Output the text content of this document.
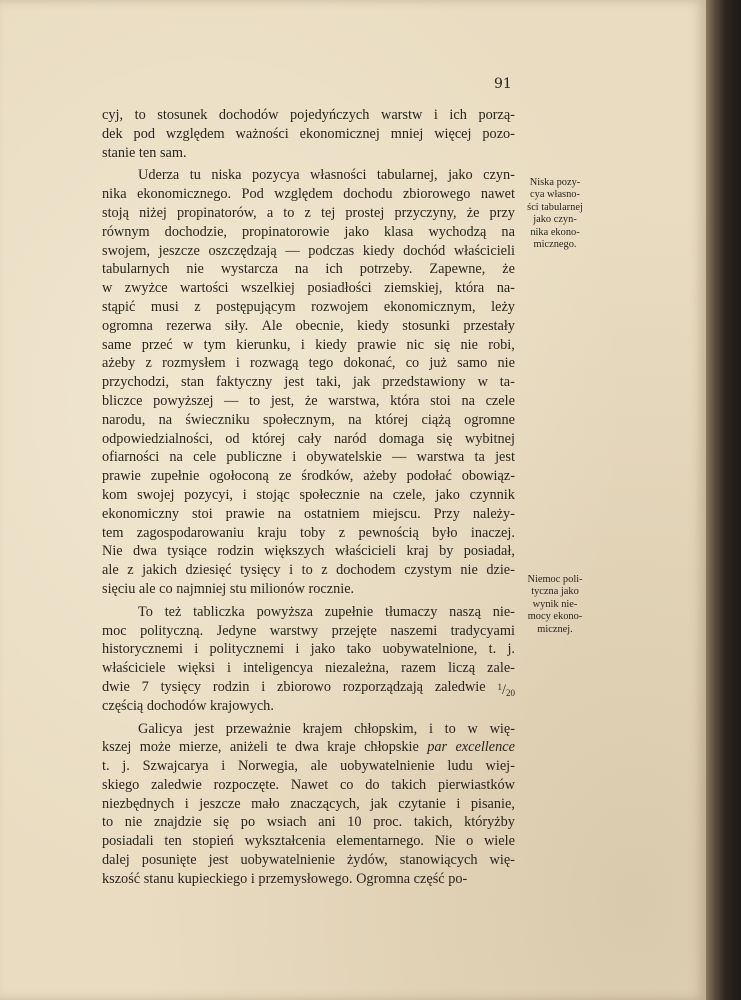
91
cyj, to stosunek dochodów pojedyńczych warstw i ich porzą-
dek pod względem ważności ekonomicznej mniej więcej pozo-
stanie ten sam.
Uderza tu niska pozycya własności tabularnej, jako czyn-
nika ekonomicznego. Pod względem dochodu zbiorowego nawet
stoją niżej propinatorów, a to z tej prostej przyczyny, że przy
równym dochodzie, propinatorowie jako klasa wychodzą na
swojem, jeszcze oszczędzają — podczas kiedy dochód właścicieli
tabularnych nie wystarcza na ich potrzeby. Zapewne, że
w zwyżce wartości wszelkiej posiadłości ziemskiej, która na-
stąpić musi z postępującym rozwojem ekonomicznym, leży
ogromna rezerwa siły. Ale obecnie, kiedy stosunki przestały
same przeć w tym kierunku, i kiedy prawie nic się nie robi,
ażeby z rozmysłem i rozwagą tego dokonać, co już samo nie
przychodzi, stan faktyczny jest taki, jak przedstawiony w ta-
bliczce powyższej — to jest, że warstwa, która stoi na czele
narodu, na świeczniku społecznym, na której ciążą ogromne
odpowiedzialności, od której cały naród domaga się wybitnej
ofiarności na cele publiczne i obywatelskie — warstwa ta jest
prawie zupełnie ogołoconą ze środków, ażeby podołać obowiąz-
kom swojej pozycyi, i stojąc społecznie na czele, jako czynnik
ekonomiczny stoi prawie na ostatniem miejscu. Przy należy-
tem zagospodarowaniu kraju toby z pewnością było inaczej.
Nie dwa tysiące rodzin większych właścicieli kraj by posiadał,
ale z jakich dziesięć tysięcy i to z dochodem czystym nie dzie-
sięciu ale co najmniej stu milionów rocznie.
To też tabliczka powyższa zupełnie tłumaczy naszą nie-
moc polityczną. Jedyne warstwy przejęte naszemi tradycyami
historycznemi i politycznemi i jako tako uobywatelnione, t. j.
właściciele więksi i inteligencya niezależna, razem liczą zale-
dwie 7 tysięcy rodzin i zbiorowo rozporządzają zaledwie $^1/_{20}$
częścią dochodów krajowych.
Galicya jest przeważnie krajem chłopskim, i to w wię-
kszej może mierze, aniżeli te dwa kraje chłopskie par excellence
t. j. Szwajcarya i Norwegia, ale uobywatelnienie ludu wiej-
skiego zaledwie rozpoczęte. Nawet co do takich pierwiastków
niezbędnych i jeszcze mało znaczących, jak czytanie i pisanie,
to nie znajdzie się po wsiach ani 10 proc. takich, któryżby
posiadali ten stopień wykształcenia elementarnego. Nie o wiele
dalej posunięte jest uobywatelnienie żydów, stanowiących wię-
kszość stanu kupieckiego i przemysłowego. Ogromna część po-
Niska pozy-
cya własno-
ści tabularnej
jako czyn-
nika ekono-
micznego.
Niemoc poli-
tyczna jako
wynik nie-
mocy ekono-
micznej.
